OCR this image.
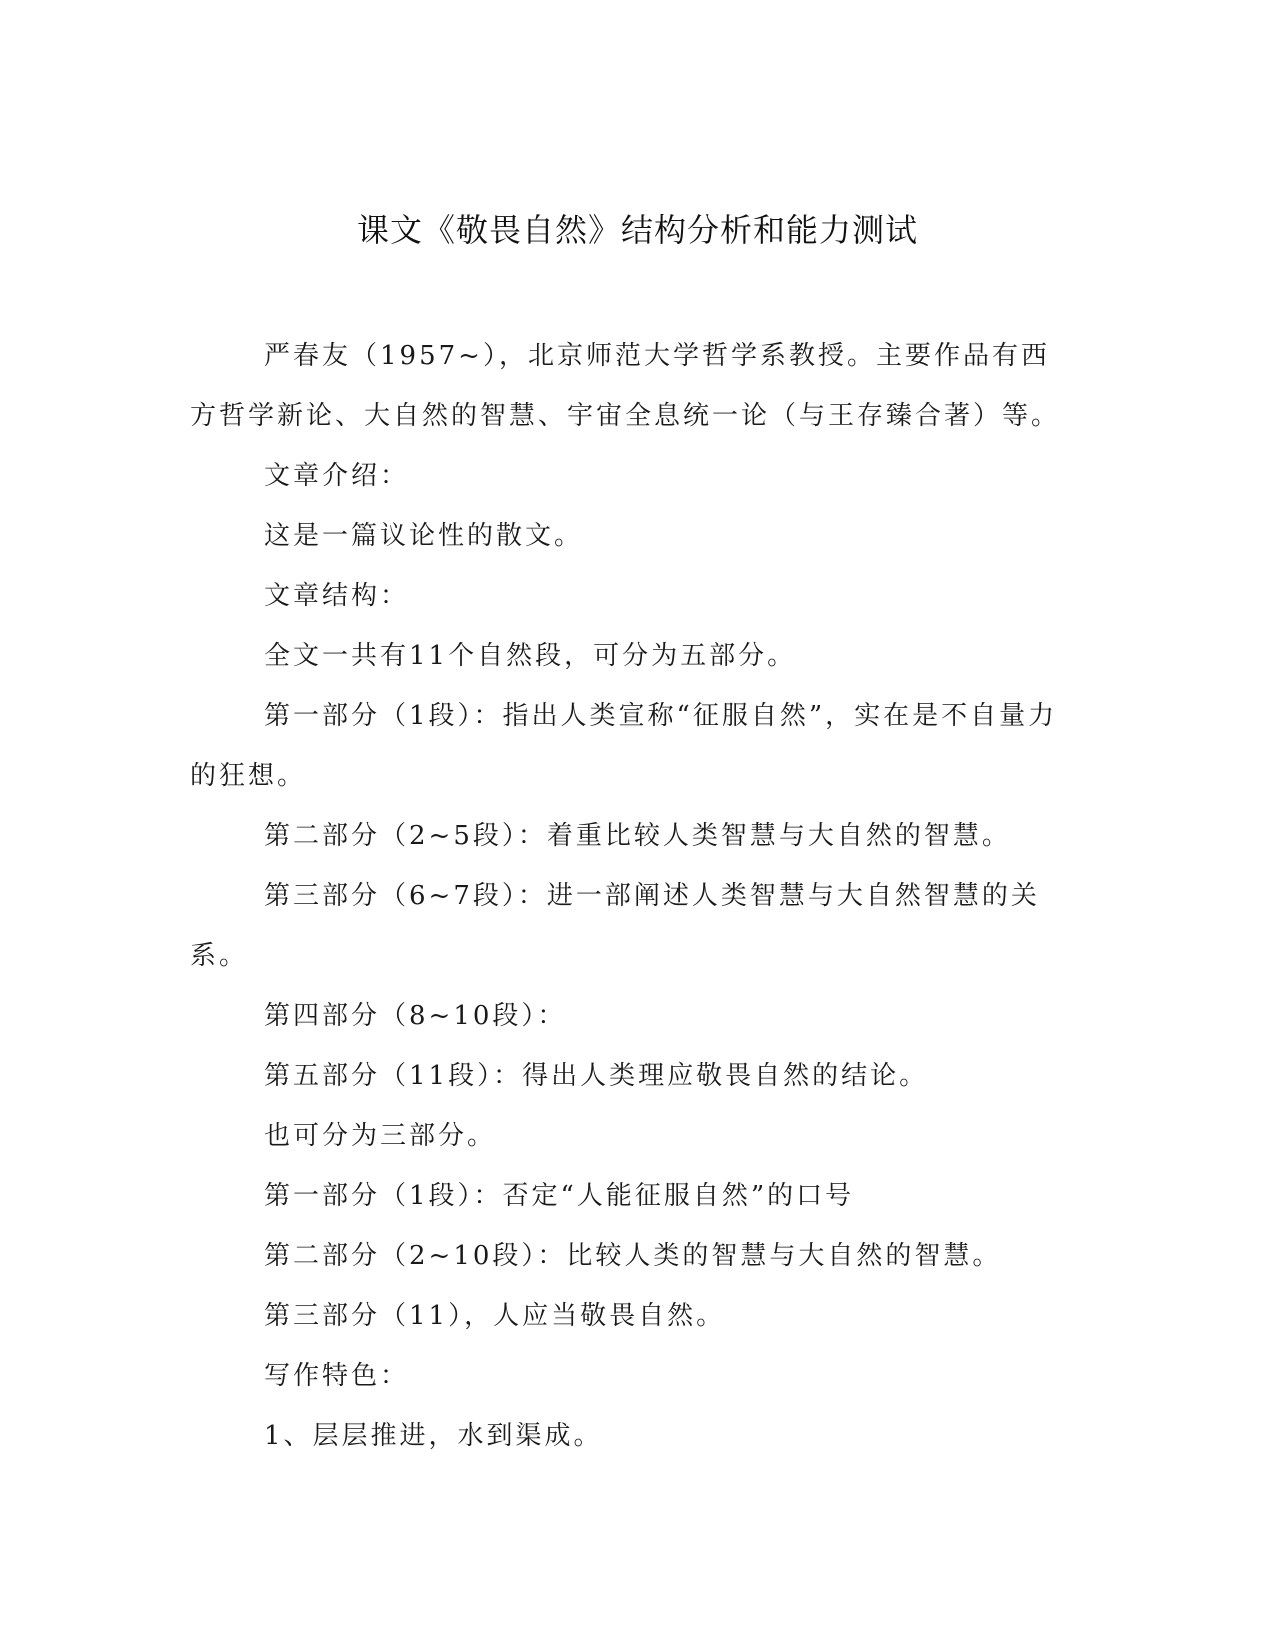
课文《敬畏自然》结构分析和能力测试

严春友（1957~），北京师范大学哲学系教授。主要作品有西方哲学新论、大自然的智慧、宇宙全息统一论（与王存臻合著）等。

文章介绍：

这是一篇议论性的散文。

文章结构：

全文一共有11个自然段，可分为五部分。

第一部分（1段）：指出人类宣称“征服自然”，实在是不自量力的狂想。

第二部分（2~5段）：着重比较人类智慧与大自然的智慧。

第三部分（6~7段）：进一部阐述人类智慧与大自然智慧的关系。

第四部分（8~10段）：

第五部分（11段）：得出人类理应敬畏自然的结论。

也可分为三部分。

第一部分（1段）：否定“人能征服自然”的口号

第二部分（2~10段）：比较人类的智慧与大自然的智慧。

第三部分（11），人应当敬畏自然。

写作特色：

1、层层推进，水到渠成。
